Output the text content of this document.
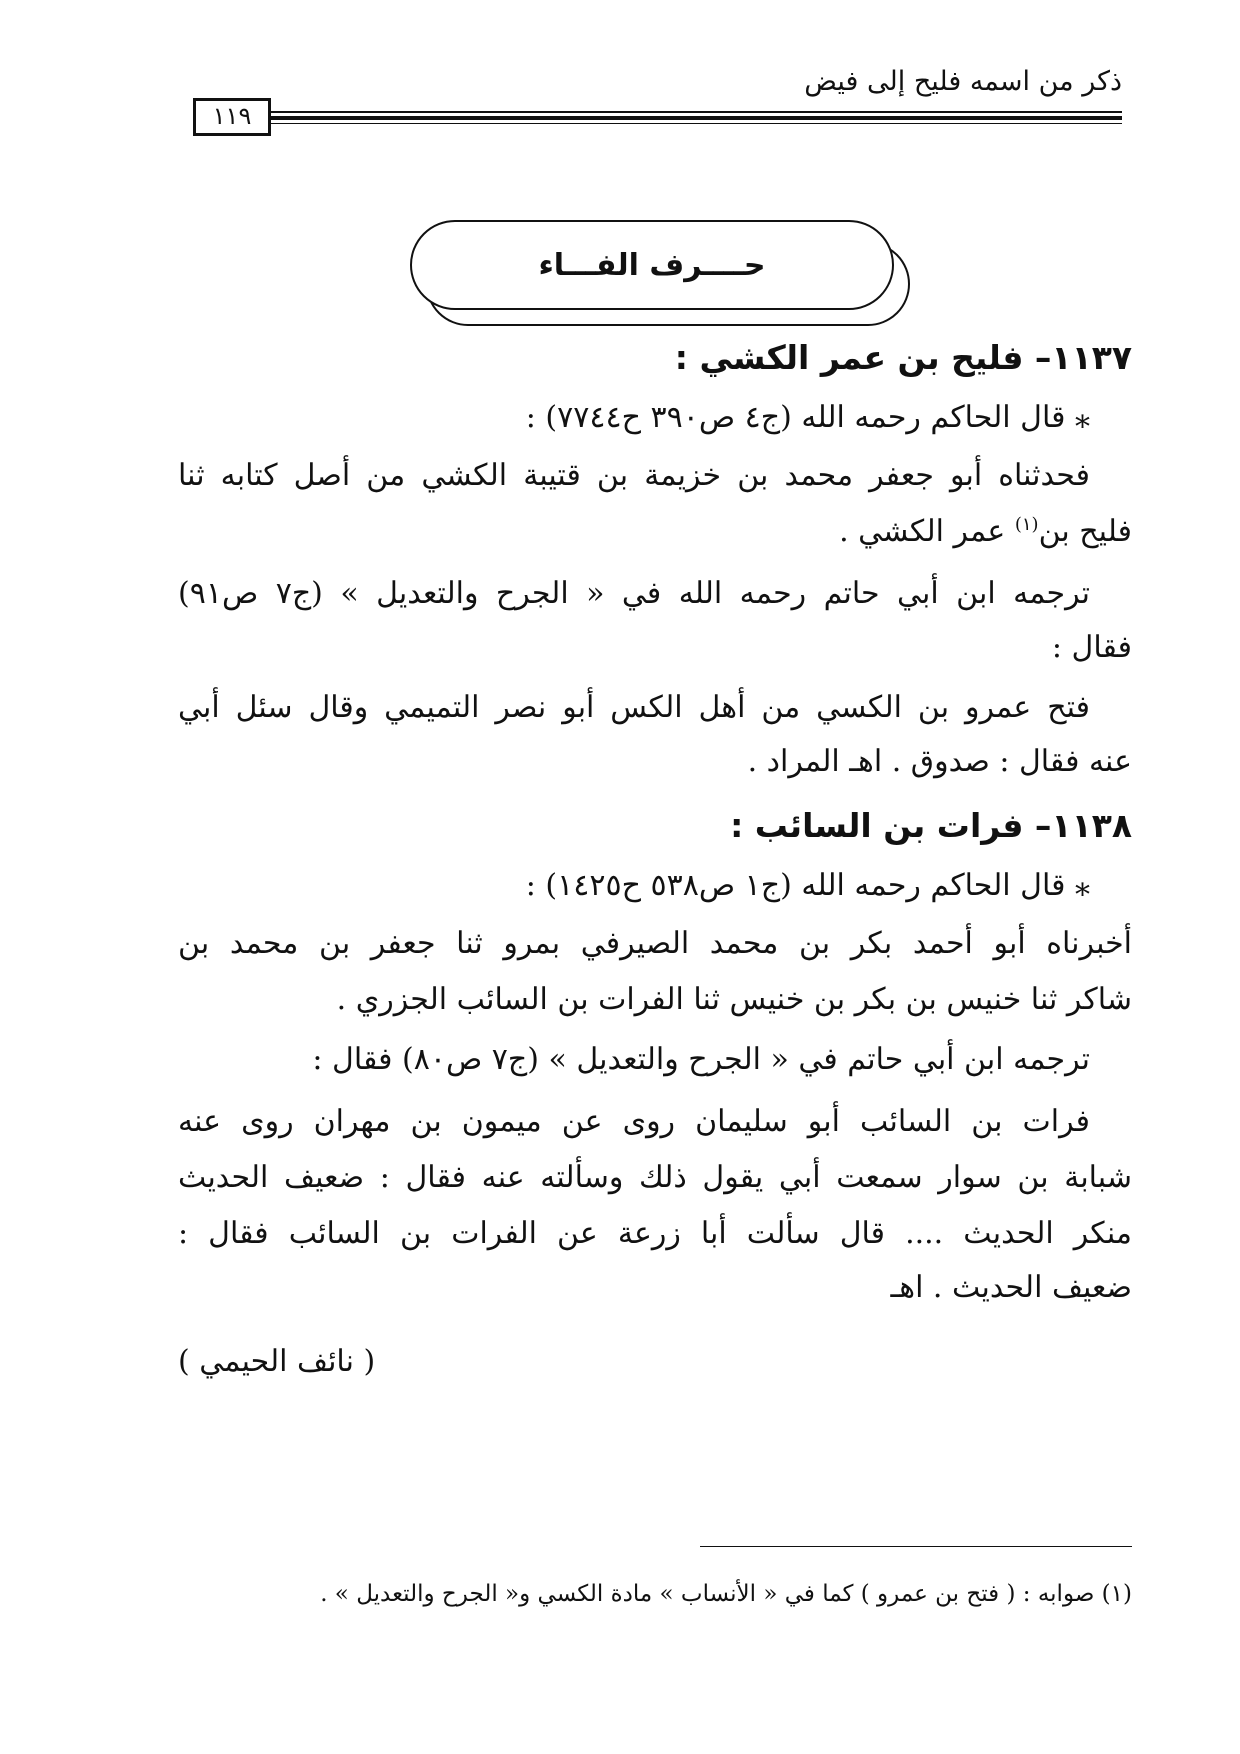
ذكر من اسمه فليح إلى فيض
١١٩
حــــرف الفـــاء
١١٣٧– فليح بن عمر الكشي :
⁎ قال الحاكم رحمه الله (ج٤ ص٣٩٠ ح٧٧٤٤) :
فحدثناه أبو جعفر محمد بن خزيمة بن قتيبة الكشي من أصل كتابه ثنا
فليح بن$^{(١)}$ عمر الكشي .
ترجمه ابن أبي حاتم رحمه الله في « الجرح والتعديل » (ج٧ ص٩١)
فقال :
فتح عمرو بن الكسي من أهل الكس أبو نصر التميمي وقال سئل أبي
عنه فقال : صدوق . اهـ المراد .
١١٣٨– فرات بن السائب :
⁎ قال الحاكم رحمه الله (ج١ ص٥٣٨ ح١٤٢٥) :
أخبرناه أبو أحمد بكر بن محمد الصيرفي بمرو ثنا جعفر بن محمد بن
شاكر ثنا خنيس بن بكر بن خنيس ثنا الفرات بن السائب الجزري .
ترجمه ابن أبي حاتم في « الجرح والتعديل » (ج٧ ص٨٠) فقال :
فرات بن السائب أبو سليمان روى عن ميمون بن مهران روى عنه
شبابة بن سوار سمعت أبي يقول ذلك وسألته عنه فقال : ضعيف الحديث
منكر الحديث .... قال سألت أبا زرعة عن الفرات بن السائب فقال :
ضعيف الحديث . اهـ
( نائف الحيمي )
(١) صوابه : ( فتح بن عمرو ) كما في « الأنساب » مادة الكسي و« الجرح والتعديل » .
